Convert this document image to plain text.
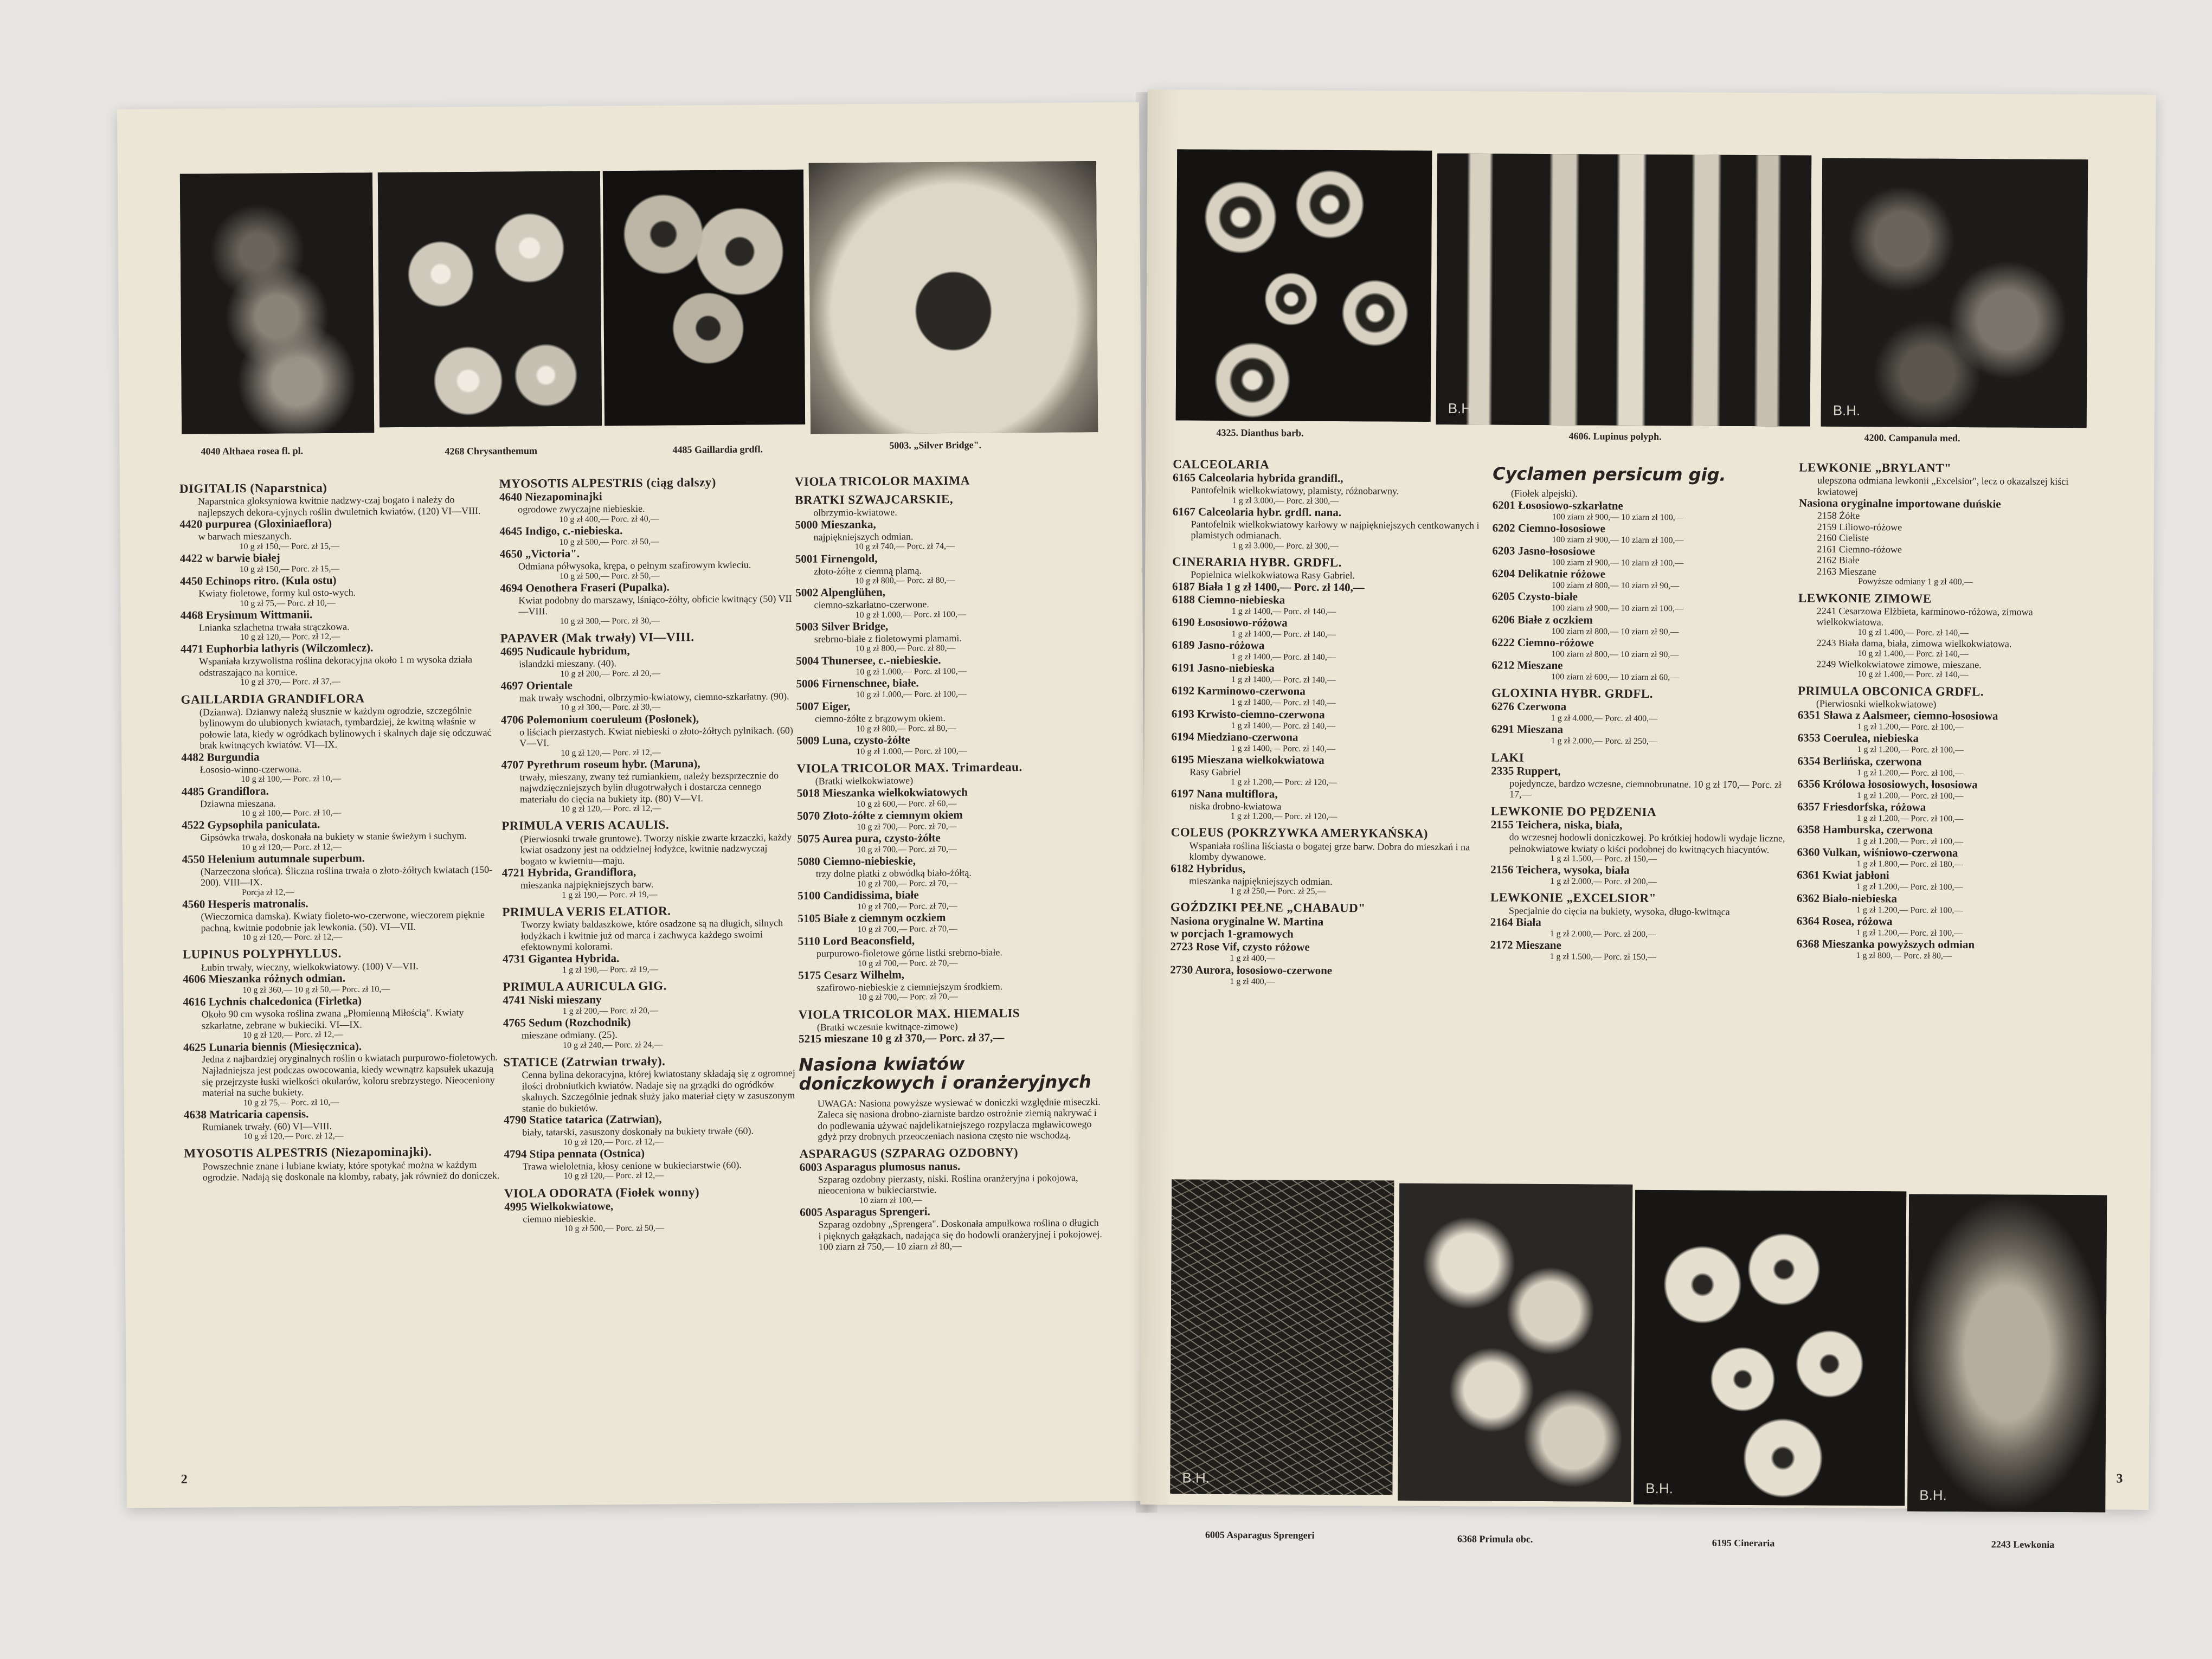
4040 Althaea rosea fl. pl.	4268 Chrysanthemum	4485 Gaillardia grdfl.	5003. „Silver Bridge".
DIGITALIS (Naparstnica)
Naparstnica gloksyniowa kwitnie nadzwy-czaj bogato i należy do najlepszych dekora-cyjnych roślin dwuletnich kwiatów. (120) VI—VIII.
4420 purpurea (Gloxiniaeflora)
w barwach mieszanych.
10 g zł 150,— Porc. zł 15,—
4422 w barwie białej
10 g zł 150,— Porc. zł 15,—
4450 Echinops ritro. (Kula ostu)
Kwiaty fioletowe, formy kul osto-wych.
10 g zł 75,— Porc. zł 10,—
4468 Erysimum Wittmanii.
Lnianka szlachetna trwała strączkowa.
10 g zł 120,— Porc. zł 12,—
4471 Euphorbia lathyris (Wilczomlecz).
Wspaniała krzywolistna roślina dekoracyjna około 1 m wysoka działa odstraszająco na kornice.
10 g zł 370,— Porc. zł 37,—
GAILLARDIA GRANDIFLORA
(Dzianwa). Dzianwy należą słusznie w każdym ogrodzie, szczególnie bylinowym do ulubionych kwiatach, tymbardziej, że kwitną właśnie w połowie lata, kiedy w ogródkach bylinowych i skalnych daje się odczuwać brak kwitnących kwiatów. VI—IX.
4482 Burgundia
Łososio-winno-czerwona.
10 g zł 100,— Porc. zł 10,—
4485 Grandiflora.
Dziawna mieszana.
10 g zł 100,— Porc. zł 10,—
4522 Gypsophila paniculata.
Gipsówka trwała, doskonała na bukiety w stanie świeżym i suchym.
10 g zł 120,— Porc. zł 12,—
4550 Helenium autumnale superbum.
(Narzeczona słońca). Śliczna roślina trwała o złoto-żółtych kwiatach (150-200). VIII—IX.
Porcja zł 12,—
4560 Hesperis matronalis.
(Wieczornica damska). Kwiaty fioleto-wo-czerwone, wieczorem pięknie pachną, kwitnie podobnie jak lewkonia. (50). VI—VII.
10 g zł 120,— Porc. zł 12,—
LUPINUS POLYPHYLLUS.
Łubin trwały, wieczny, wielkokwiatowy. (100) V—VII.
4606 Mieszanka różnych odmian.
10 g zł 360,— 10 g zł 50,— Porc. zł 10,—
4616 Lychnis chalcedonica (Firletka)
Około 90 cm wysoka roślina zwana „Płomienną Miłością". Kwiaty szkarłatne, zebrane w bukieciki. VI—IX.
10 g zł 120,— Porc. zł 12,—
4625 Lunaria biennis (Miesięcznica).
Jedna z najbardziej oryginalnych roślin o kwiatach purpurowo-fioletowych. Najładniejsza jest podczas owocowania, kiedy wewnątrz kapsułek ukazują się przejrzyste łuski wielkości okularów, koloru srebrzystego. Nieoceniony materiał na suche bukiety.
10 g zł 75,— Porc. zł 10,—
4638 Matricaria capensis.
Rumianek trwały. (60) VI—VIII.
10 g zł 120,— Porc. zł 12,—
MYOSOTIS ALPESTRIS (Niezapominajki).
Powszechnie znane i lubiane kwiaty, które spotykać można w każdym ogrodzie. Nadają się doskonale na klomby, rabaty, jak również do doniczek.
MYOSOTIS ALPESTRIS (ciąg dalszy)
4640 Niezapominajki
ogrodowe zwyczajne niebieskie.
10 g zł 400,— Porc. zł 40,—
4645 Indigo, c.-niebieska.
10 g zł 500,— Porc. zł 50,—
4650 „Victoria".
Odmiana półwysoka, krępa, o pełnym szafirowym kwieciu.
10 g zł 500,— Porc. zł 50,—
4694 Oenothera Fraseri (Pupalka).
Kwiat podobny do marszawy, lśniąco-żółty, obficie kwitnący (50) VII—VIII.
10 g zł 300,— Porc. zł 30,—
PAPAVER (Mak trwały) VI—VIII.
4695 Nudicaule hybridum,
islandzki mieszany. (40).
10 g zł 200,— Porc. zł 20,—
4697 Orientale
mak trwały wschodni, olbrzymio-kwiatowy, ciemno-szkarłatny. (90).
10 g zł 300,— Porc. zł 30,—
4706 Polemonium coeruleum (Posłonek),
o liściach pierzastych. Kwiat niebieski o złoto-żółtych pylnikach. (60) V—VI.
10 g zł 120,— Porc. zł 12,—
4707 Pyrethrum roseum hybr. (Maruna),
trwały, mieszany, zwany też rumiankiem, należy bezsprzecznie do najwdzięczniejszych bylin długotrwałych i dostarcza cennego materiału do cięcia na bukiety itp. (80) V—VI.
10 g zł 120,— Porc. zł 12,—
PRIMULA VERIS ACAULIS.
(Pierwiosnki trwałe gruntowe). Tworzy niskie zwarte krzaczki, każdy kwiat osadzony jest na oddzielnej łodyżce, kwitnie nadzwyczaj bogato w kwietniu—maju.
4721 Hybrida, Grandiflora,
mieszanka najpiękniejszych barw.
1 g zł 190,— Porc. zł 19,—
PRIMULA VERIS ELATIOR.
Tworzy kwiaty baldaszkowe, które osadzone są na długich, silnych łodyżkach i kwitnie już od marca i zachwyca każdego swoimi efektownymi kolorami.
4731 Gigantea Hybrida.
1 g zł 190,— Porc. zł 19,—
PRIMULA AURICULA GIG.
4741 Niski mieszany
1 g zł 200,— Porc. zł 20,—
4765 Sedum (Rozchodnik)
mieszane odmiany. (25).
10 g zł 240,— Porc. zł 24,—
STATICE (Zatrwian trwały).
Cenna bylina dekoracyjna, której kwiatostany składają się z ogromnej ilości drobniutkich kwiatów. Nadaje się na grządki do ogródków skalnych. Szczególnie jednak służy jako materiał cięty w zasuszonym stanie do bukietów.
4790 Statice tatarica (Zatrwian),
biały, tatarski, zasuszony doskonały na bukiety trwałe (60).
10 g zł 120,— Porc. zł 12,—
4794 Stipa pennata (Ostnica)
Trawa wieloletnia, kłosy cenione w bukieciarstwie (60).
10 g zł 120,— Porc. zł 12,—
VIOLA ODORATA (Fiołek wonny)
4995 Wielkokwiatowe,
ciemno niebieskie.
10 g zł 500,— Porc. zł 50,—
VIOLA TRICOLOR MAXIMA
BRATKI SZWAJCARSKIE,
olbrzymio-kwiatowe.
5000 Mieszanka,
najpiękniejszych odmian.
10 g zł 740,— Porc. zł 74,—
5001 Firnengold,
złoto-żółte z ciemną plamą.
10 g zł 800,— Porc. zł 80,—
5002 Alpenglühen,
ciemno-szkarłatno-czerwone.
10 g zł 1.000,— Porc. zł 100,—
5003 Silver Bridge,
srebrno-białe z fioletowymi plamami.
10 g zł 800,— Porc. zł 80,—
5004 Thunersee, c.-niebieskie.
10 g zł 1.000,— Porc. zł 100,—
5006 Firnenschnee, białe.
10 g zł 1.000,— Porc. zł 100,—
5007 Eiger,
ciemno-żółte z brązowym okiem.
10 g zł 800,— Porc. zł 80,—
5009 Luna, czysto-żółte
10 g zł 1.000,— Porc. zł 100,—
VIOLA TRICOLOR MAX. Trimardeau.
(Bratki wielkokwiatowe)
5018 Mieszanka wielkokwiatowych
10 g zł 600,— Porc. zł 60,—
5070 Złoto-żółte z ciemnym okiem
10 g zł 700,— Porc. zł 70,—
5075 Aurea pura, czysto-żółte
10 g zł 700,— Porc. zł 70,—
5080 Ciemno-niebieskie,
trzy dolne płatki z obwódką biało-żółtą.
10 g zł 700,— Porc. zł 70,—
5100 Candidissima, białe
10 g zł 700,— Porc. zł 70,—
5105 Białe z ciemnym oczkiem
10 g zł 700,— Porc. zł 70,—
5110 Lord Beaconsfield,
purpurowo-fioletowe górne listki srebrno-białe.
10 g zł 700,— Porc. zł 70,—
5175 Cesarz Wilhelm,
szafirowo-niebieskie z ciemniejszym środkiem.
10 g zł 700,— Porc. zł 70,—
VIOLA TRICOLOR MAX. HIEMALIS
(Bratki wczesnie kwitnące-zimowe)
5215 mieszane 10 g zł 370,— Porc. zł 37,—
Nasiona kwiatów doniczkowych i oranżeryjnych
UWAGA: Nasiona powyższe wysiewać w doniczki względnie miseczki. Zaleca się nasiona drobno-ziarniste bardzo ostrożnie ziemią nakrywać i do podlewania używać najdelikatniejszego rozpylacza mgławicowego gdyż przy drobnych przeoczeniach nasiona często nie wschodzą.
ASPARAGUS (SZPARAG OZDOBNY)
6003 Asparagus plumosus nanus.
Szparag ozdobny pierzasty, niski. Roślina oranżeryjna i pokojowa, nieoceniona w bukieciarstwie.
10 ziarn zł 100,—
6005 Asparagus Sprengeri.
Szparag ozdobny „Sprengera". Doskonała ampułkowa roślina o długich i pięknych gałązkach, nadająca się do hodowli oranżeryjnej i pokojowej. 100 ziarn zł 750,— 10 ziarn zł 80,—
2
B.H.	B.H.
4325. Dianthus barb.	4606. Lupinus polyph.	4200. Campanula med.
CALCEOLARIA
6165 Calceolaria hybrida grandifl.,
Pantofelnik wielkokwiatowy, plamisty, różnobarwny.
1 g zł 3.000,— Porc. zł 300,—
6167 Calceolaria hybr. grdfl. nana.
Pantofelnik wielkokwiatowy karłowy w najpiękniejszych centkowanych i plamistych odmianach.
1 g zł 3.000,— Porc. zł 300,—
CINERARIA HYBR. GRDFL.
Popielnica wielkokwiatowa Rasy Gabriel.
6187 Biała 1 g zł 1400,— Porc. zł 140,—
6188 Ciemno-niebieska
1 g zł 1400,— Porc. zł 140,—
6190 Łososiowo-różowa
1 g zł 1400,— Porc. zł 140,—
6189 Jasno-różowa
1 g zł 1400,— Porc. zł 140,—
6191 Jasno-niebieska
1 g zł 1400,— Porc. zł 140,—
6192 Karminowo-czerwona
1 g zł 1400,— Porc. zł 140,—
6193 Krwisto-ciemno-czerwona
1 g zł 1400,— Porc. zł 140,—
6194 Miedziano-czerwona
1 g zł 1400,— Porc. zł 140,—
6195 Mieszana wielkokwiatowa
Rasy Gabriel
1 g zł 1.200,— Porc. zł 120,—
6197 Nana multiflora,
niska drobno-kwiatowa
1 g zł 1.200,— Porc. zł 120,—
COLEUS (POKRZYWKA AMERYKAŃSKA)
Wspaniała roślina liściasta o bogatej grze barw. Dobra do mieszkań i na klomby dywanowe.
6182 Hybridus,
mieszanka najpiękniejszych odmian.
1 g zł 250,— Porc. zł 25,—
GOŹDZIKI PEŁNE „CHABAUD"
Nasiona oryginalne W. Martina
w porcjach 1-gramowych
2723 Rose Vif, czysto różowe
1 g zł 400,—
2730 Aurora, łososiowo-czerwone
1 g zł 400,—
Cyclamen persicum gig.
(Fiołek alpejski).
6201 Łososiowo-szkarłatne
100 ziarn zł 900,— 10 ziarn zł 100,—
6202 Ciemno-łososiowe
100 ziarn zł 900,— 10 ziarn zł 100,—
6203 Jasno-łososiowe
100 ziarn zł 900,— 10 ziarn zł 100,—
6204 Delikatnie różowe
100 ziarn zł 800,— 10 ziarn zł 90,—
6205 Czysto-białe
100 ziarn zł 900,— 10 ziarn zł 100,—
6206 Białe z oczkiem
100 ziarn zł 800,— 10 ziarn zł 90,—
6222 Ciemno-różowe
100 ziarn zł 800,— 10 ziarn zł 90,—
6212 Mieszane
100 ziarn zł 600,— 10 ziarn zł 60,—
GLOXINIA HYBR. GRDFL.
6276 Czerwona
1 g zł 4.000,— Porc. zł 400,—
6291 Mieszana
1 g zł 2.000,— Porc. zł 250,—
LAKI
2335 Ruppert,
pojedyncze, bardzo wczesne, ciemnobrunatne. 10 g zł 170,— Porc. zł 17,—
LEWKONIE DO PĘDZENIA
2155 Teichera, niska, biała,
do wczesnej hodowli doniczkowej. Po krótkiej hodowli wydaje liczne, pełnokwiatowe kwiaty o kiści podobnej do kwitnących hiacyntów.
1 g zł 1.500,— Porc. zł 150,—
2156 Teichera, wysoka, biała
1 g zł 2.000,— Porc. zł 200,—
LEWKONIE „EXCELSIOR"
Specjalnie do cięcia na bukiety, wysoka, długo-kwitnąca
2164 Biała
1 g zł 2.000,— Porc. zł 200,—
2172 Mieszane
1 g zł 1.500,— Porc. zł 150,—
LEWKONIE „BRYLANT"
ulepszona odmiana lewkonii „Excelsior", lecz o okazalszej kiści kwiatowej
Nasiona oryginalne importowane duńskie
2158 Żółte
2159 Liliowo-różowe
2160 Cieliste
2161 Ciemno-różowe
2162 Białe
2163 Mieszane
Powyższe odmiany 1 g zł 400,—
LEWKONIE ZIMOWE
2241 Cesarzowa Elżbieta, karminowo-różowa, zimowa wielkokwiatowa.
10 g zł 1.400,— Porc. zł 140,—
2243 Biała dama, biała, zimowa wielkokwiatowa.
10 g zł 1.400,— Porc. zł 140,—
2249 Wielkokwiatowe zimowe, mieszane.
10 g zł 1.400,— Porc. zł 140,—
PRIMULA OBCONICA GRDFL.
(Pierwiosnki wielkokwiatowe)
6351 Sława z Aalsmeer, ciemno-łososiowa
1 g zł 1.200,— Porc. zł 100,—
6353 Coerulea, niebieska
1 g zł 1.200,— Porc. zł 100,—
6354 Berlińska, czerwona
1 g zł 1.200,— Porc. zł 100,—
6356 Królowa łososiowych, łososiowa
1 g zł 1.200,— Porc. zł 100,—
6357 Friesdorfska, różowa
1 g zł 1.200,— Porc. zł 100,—
6358 Hamburska, czerwona
1 g zł 1.200,— Porc. zł 100,—
6360 Vulkan, wiśniowo-czerwona
1 g zł 1.800,— Porc. zł 180,—
6361 Kwiat jabłoni
1 g zł 1.200,— Porc. zł 100,—
6362 Biało-niebieska
1 g zł 1.200,— Porc. zł 100,—
6364 Rosea, różowa
1 g zł 1.200,— Porc. zł 100,—
6368 Mieszanka powyższych odmian
1 g zł 800,— Porc. zł 80,—
B.H.
B.H.	B.H.
6005 Asparagus Sprengeri	6368 Primula obc.	6195 Cineraria	2243 Lewkonia
3
